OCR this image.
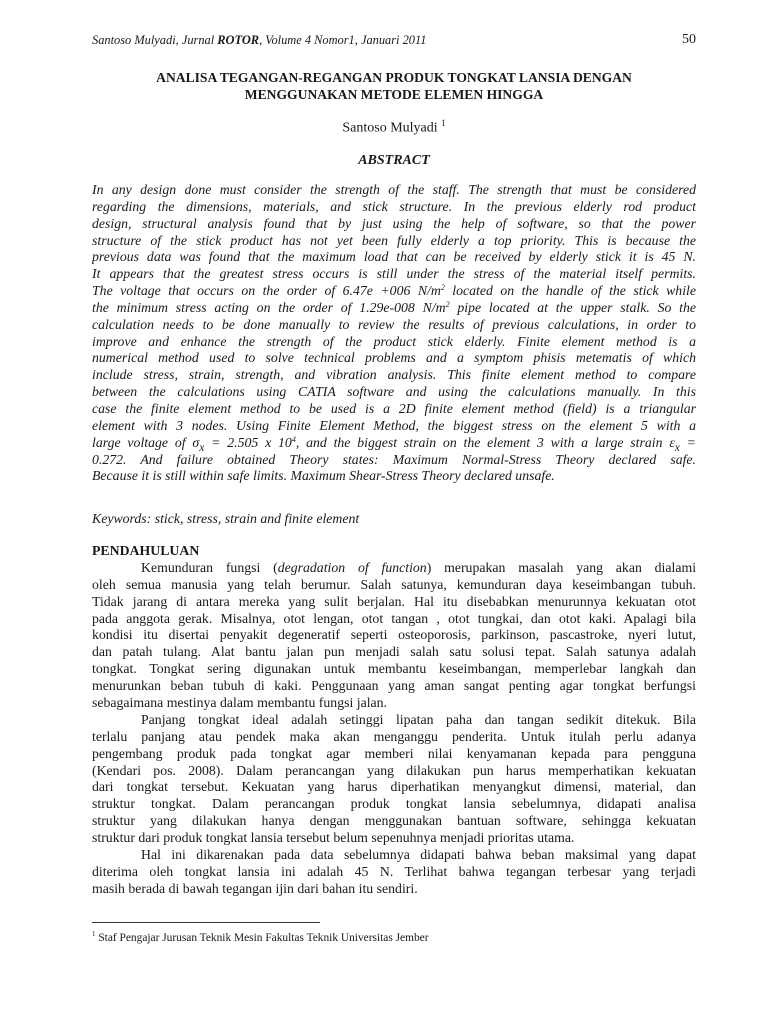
Santoso Mulyadi, Jurnal ROTOR, Volume 4 Nomor1, Januari 2011	50
ANALISA TEGANGAN-REGANGAN PRODUK TONGKAT LANSIA DENGAN
MENGGUNAKAN METODE ELEMEN HINGGA
Santoso Mulyadi $^1$
ABSTRACT
In any design done must consider the strength of the staff. The strength that must be considered
regarding the dimensions, materials, and stick structure. In the previous elderly rod product
design, structural analysis found that by just using the help of software, so that the power
structure of the stick product has not yet been fully elderly a top priority. This is because the
previous data was found that the maximum load that can be received by elderly stick it is 45 N.
It appears that the greatest stress occurs is still under the stress of the material itself permits.
The voltage that occurs on the order of 6.47e +006 $N/m^2$ located on the handle of the stick while
the minimum stress acting on the order of 1.29e-008 $N/m^2$ pipe located at the upper stalk. So the
calculation needs to be done manually to review the results of previous calculations, in order to
improve and enhance the strength of the product stick elderly. Finite element method is a
numerical method used to solve technical problems and a symptom phisis metematis of which
include stress, strain, strength, and vibration analysis. This finite element method to compare
between the calculations using CATIA software and using the calculations manually. In this
case the finite element method to be used is a 2D finite element method (field) is a triangular
element with 3 nodes. Using Finite Element Method, the biggest stress on the element 5 with a
large voltage of $\sigma_x = 2.505$ x $10^4$, and the biggest strain on the element 3 with a large strain $\varepsilon_x$ =
0.272. And failure obtained Theory states: Maximum Normal-Stress Theory declared safe.
Because it is still within safe limits. Maximum Shear-Stress Theory declared unsafe.
Keywords: stick, stress, strain and finite element
PENDAHULUAN
Kemunduran fungsi (degradation of function) merupakan masalah yang akan dialami
oleh semua manusia yang telah berumur. Salah satunya, kemunduran daya keseimbangan tubuh.
Tidak jarang di antara mereka yang sulit berjalan. Hal itu disebabkan menurunnya kekuatan otot
pada anggota gerak. Misalnya, otot lengan, otot tangan , otot tungkai, dan otot kaki. Apalagi bila
kondisi itu disertai penyakit degeneratif seperti osteoporosis, parkinson, pascastroke, nyeri lutut,
dan patah tulang. Alat bantu jalan pun menjadi salah satu solusi tepat. Salah satunya adalah
tongkat. Tongkat sering digunakan untuk membantu keseimbangan, memperlebar langkah dan
menurunkan beban tubuh di kaki. Penggunaan yang aman sangat penting agar tongkat berfungsi
sebagaimana mestinya dalam membantu fungsi jalan.
Panjang tongkat ideal adalah setinggi lipatan paha dan tangan sedikit ditekuk. Bila
terlalu panjang atau pendek maka akan menganggu penderita. Untuk itulah perlu adanya
pengembang produk pada tongkat agar memberi nilai kenyamanan kepada para pengguna
(Kendari pos. 2008). Dalam perancangan yang dilakukan pun harus memperhatikan kekuatan
dari tongkat tersebut. Kekuatan yang harus diperhatikan menyangkut dimensi, material, dan
struktur tongkat. Dalam perancangan produk tongkat lansia sebelumnya, didapati analisa
struktur yang dilakukan hanya dengan menggunakan bantuan software, sehingga kekuatan
struktur dari produk tongkat lansia tersebut belum sepenuhnya menjadi prioritas utama.
Hal ini dikarenakan pada data sebelumnya didapati bahwa beban maksimal yang dapat
diterima oleh tongkat lansia ini adalah 45 N. Terlihat bahwa tegangan terbesar yang terjadi
masih berada di bawah tegangan ijin dari bahan itu sendiri.
$^1$ Staf Pengajar Jurusan Teknik Mesin Fakultas Teknik Universitas Jember
